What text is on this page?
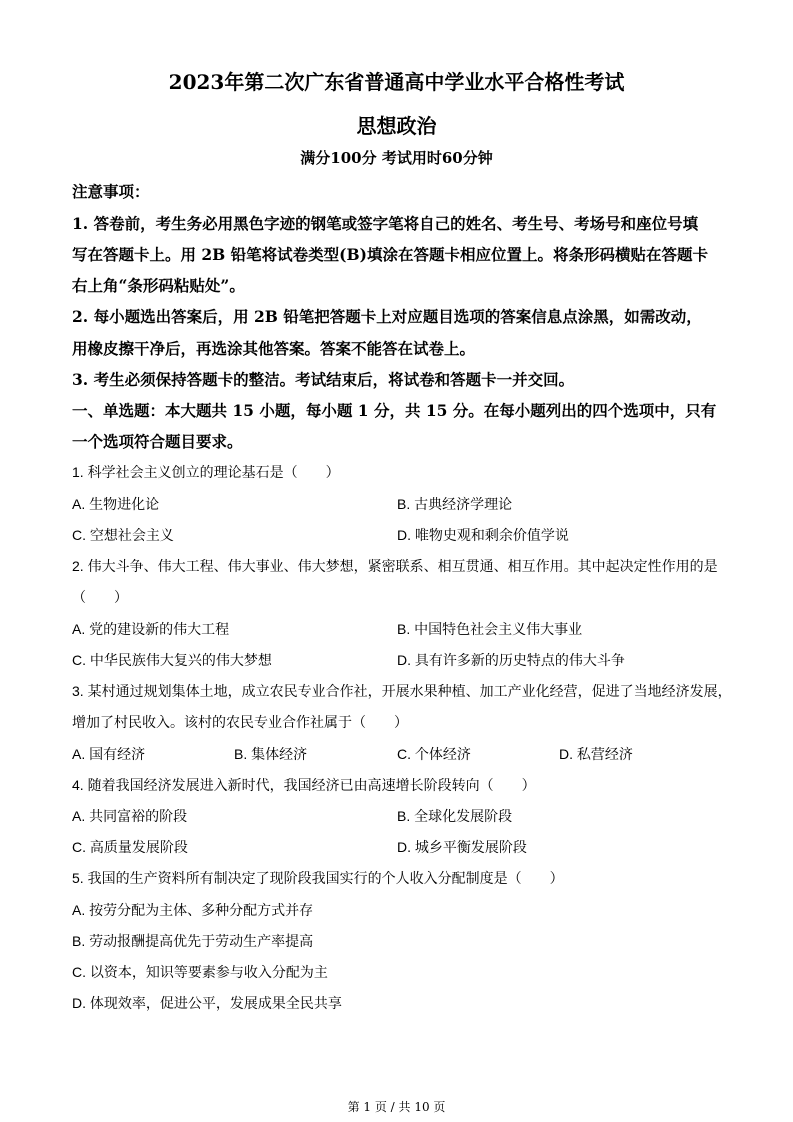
2023年第二次广东省普通高中学业水平合格性考试
思想政治
满分100分 考试用时60分钟
注意事项：
1. 答卷前，考生务必用黑色字迹的钢笔或签字笔将自己的姓名、考生号、考场号和座位号填
写在答题卡上。用 2B 铅笔将试卷类型(B)填涂在答题卡相应位置上。将条形码横贴在答题卡
右上角“条形码粘贴处”。
2. 每小题选出答案后，用 2B 铅笔把答题卡上对应题目选项的答案信息点涂黑，如需改动，
用橡皮擦干净后，再选涂其他答案。答案不能答在试卷上。
3. 考生必须保持答题卡的整洁。考试结束后，将试卷和答题卡一并交回。
一、单选题：本大题共 15 小题，每小题 1 分，共 15 分。在每小题列出的四个选项中，只有
一个选项符合题目要求。
1. 科学社会主义创立的理论基石是（　　）
A. 生物进化论	B. 古典经济学理论
C. 空想社会主义	D. 唯物史观和剩余价值学说
2. 伟大斗争、伟大工程、伟大事业、伟大梦想，紧密联系、相互贯通、相互作用。其中起决定性作用的是
（　　）
A. 党的建设新的伟大工程	B. 中国特色社会主义伟大事业
C. 中华民族伟大复兴的伟大梦想	D. 具有许多新的历史特点的伟大斗争
3. 某村通过规划集体土地，成立农民专业合作社，开展水果种植、加工产业化经营，促进了当地经济发展，
增加了村民收入。该村的农民专业合作社属于（　　）
A. 国有经济	B. 集体经济	C. 个体经济	D. 私营经济
4. 随着我国经济发展进入新时代，我国经济已由高速增长阶段转向（　　）
A. 共同富裕的阶段	B. 全球化发展阶段
C. 高质量发展阶段	D. 城乡平衡发展阶段
5. 我国的生产资料所有制决定了现阶段我国实行的个人收入分配制度是（　　）
A. 按劳分配为主体、多种分配方式并存
B. 劳动报酬提高优先于劳动生产率提高
C. 以资本，知识等要素参与收入分配为主
D. 体现效率，促进公平，发展成果全民共享
第 1 页 / 共 10 页
